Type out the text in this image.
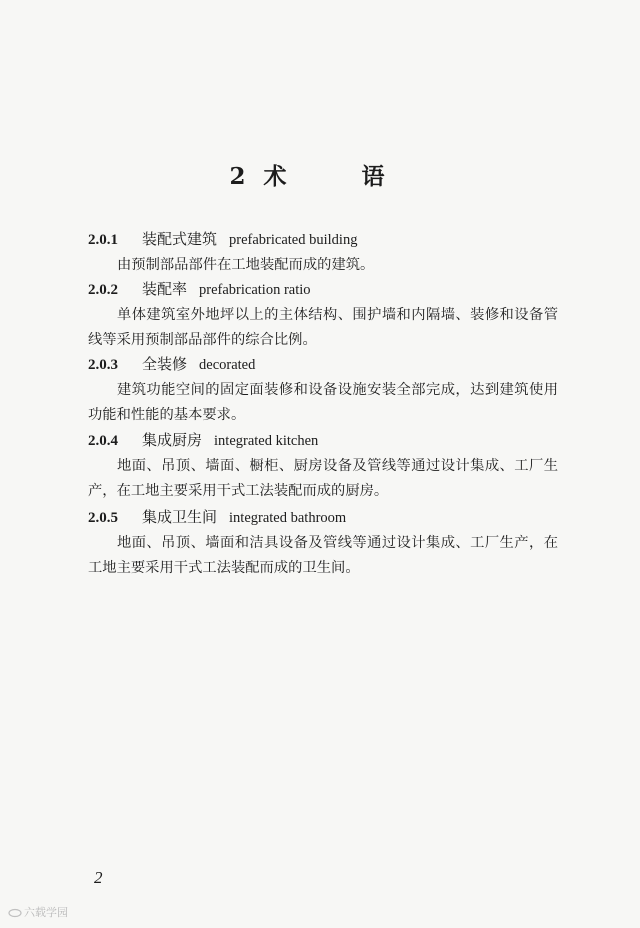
2 术　语
2.0.1 装配式建筑 prefabricated building
由预制部品部件在工地装配而成的建筑。
2.0.2 装配率 prefabrication ratio
单体建筑室外地坪以上的主体结构、围护墙和内隔墙、装修和设备管线等采用预制部品部件的综合比例。
2.0.3 全装修 decorated
建筑功能空间的固定面装修和设备设施安装全部完成，达到建筑使用功能和性能的基本要求。
2.0.4 集成厨房 integrated kitchen
地面、吊顶、墙面、橱柜、厨房设备及管线等通过设计集成、工厂生产，在工地主要采用干式工法装配而成的厨房。
2.0.5 集成卫生间 integrated bathroom
地面、吊顶、墙面和洁具设备及管线等通过设计集成、工厂生产，在工地主要采用干式工法装配而成的卫生间。
2
六载学园
